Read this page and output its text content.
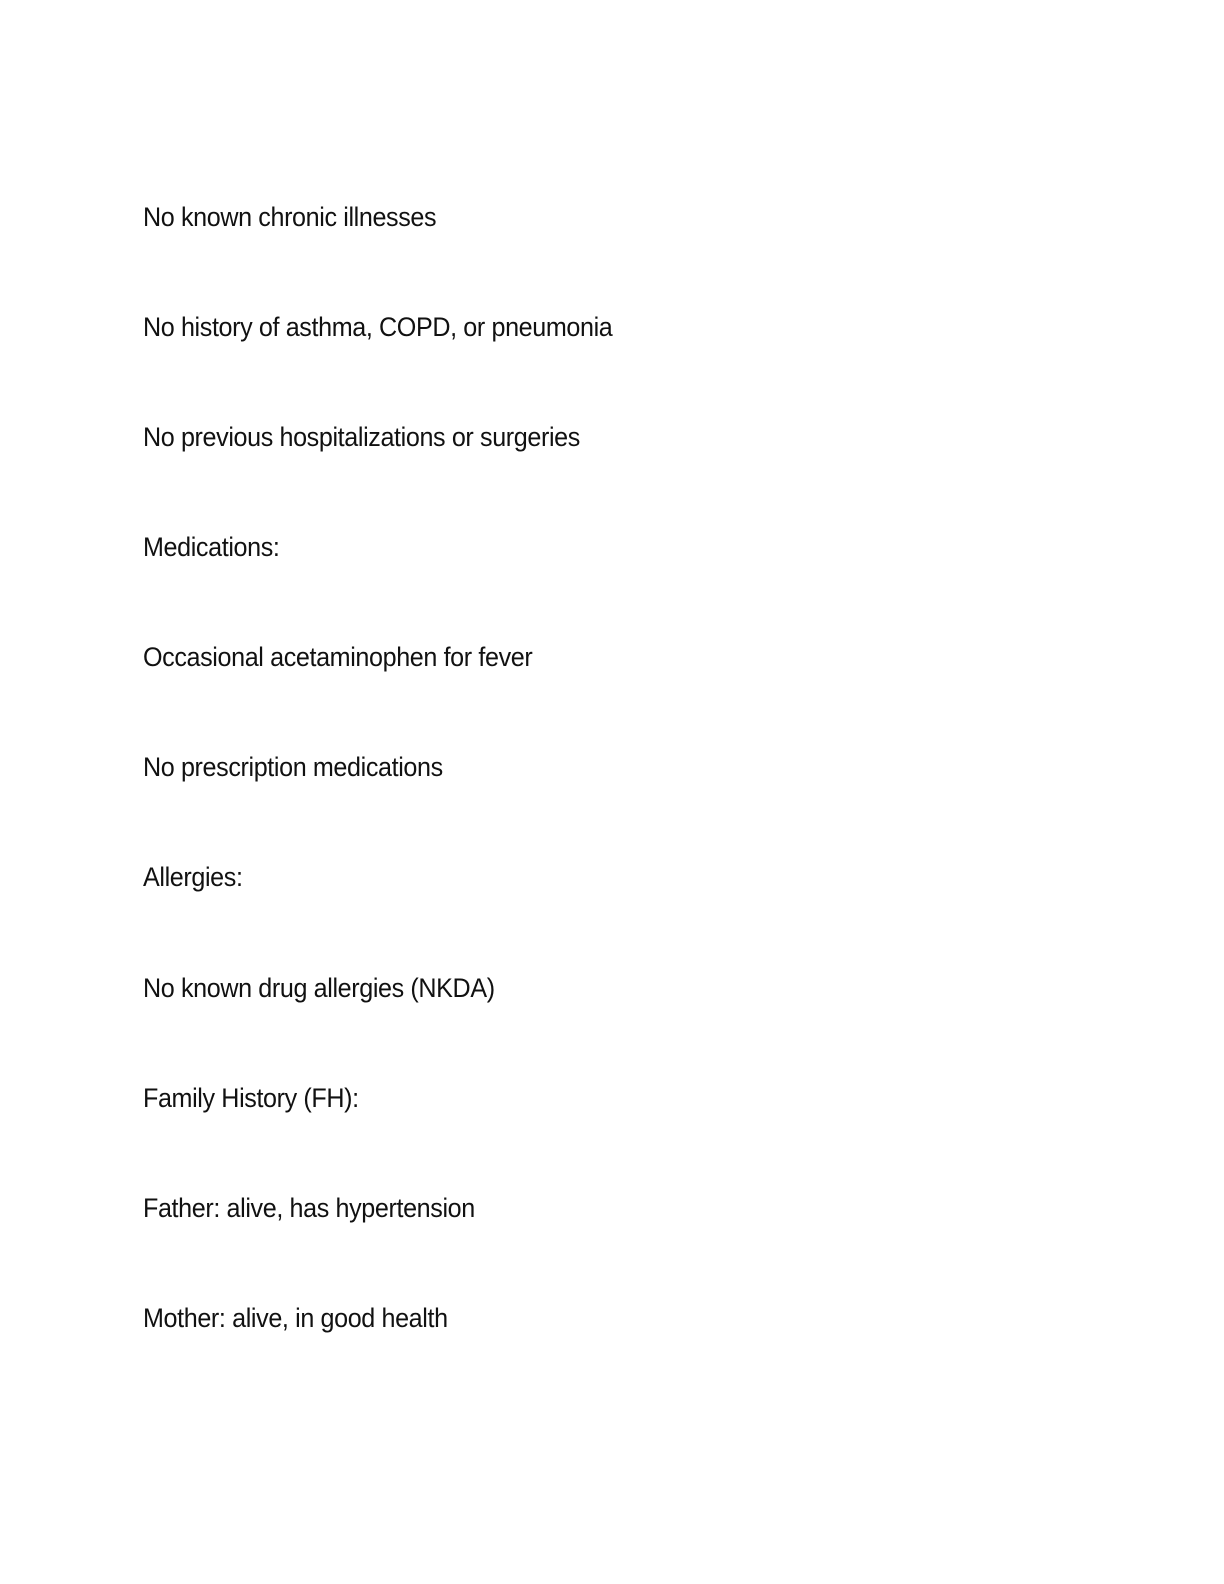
No known chronic illnesses

No history of asthma, COPD, or pneumonia

No previous hospitalizations or surgeries

Medications:

Occasional acetaminophen for fever

No prescription medications

Allergies:

No known drug allergies (NKDA)

Family History (FH):

Father: alive, has hypertension

Mother: alive, in good health
